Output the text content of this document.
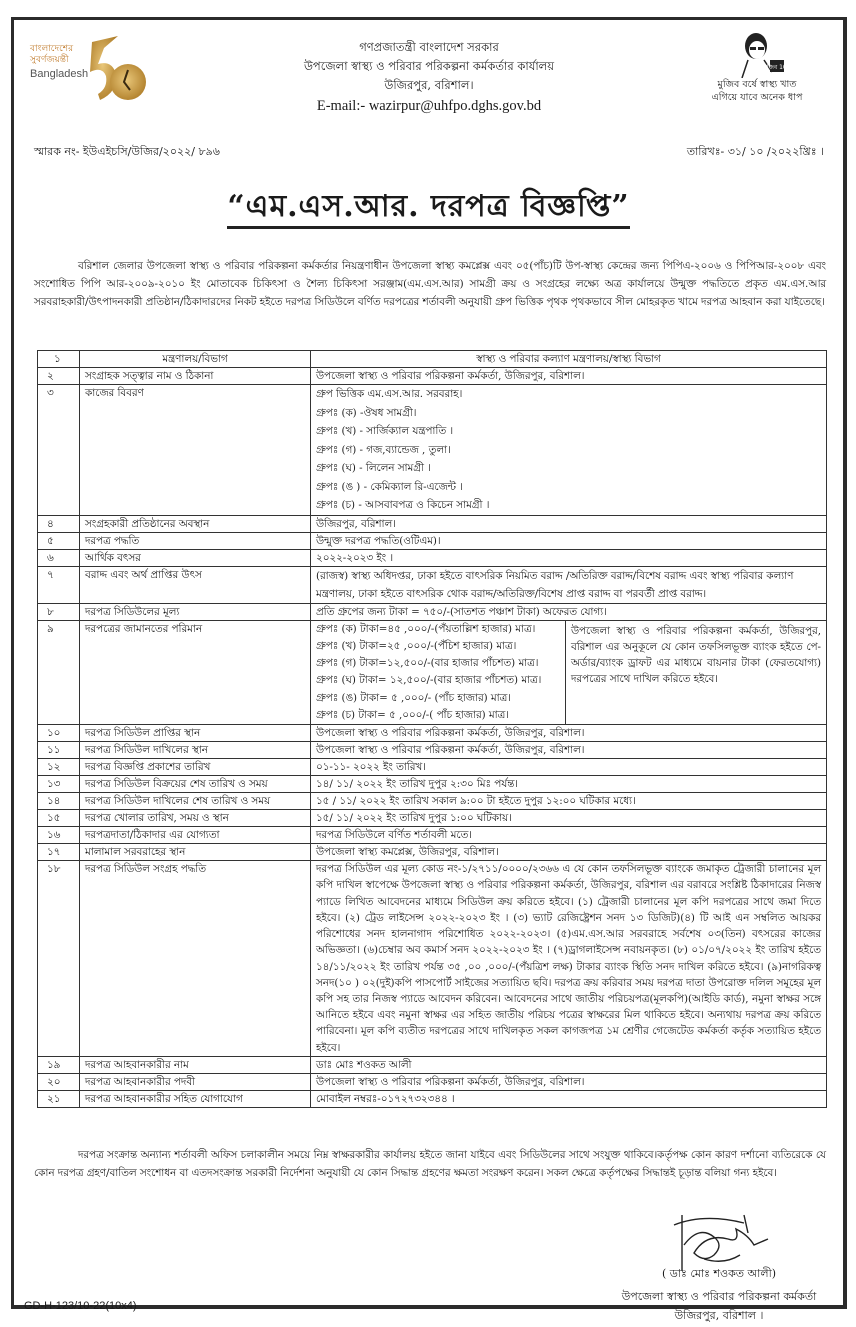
বাংলাদেশের
সুবর্ণজয়ন্তী
Bangladesh
গণপ্রজাতন্ত্রী বাংলাদেশ সরকার
উপজেলা স্বাস্থ্য ও পরিবার পরিকল্পনা কর্মকর্তার কার্যালয়
উজিরপুর, বরিশাল।
E-mail:- wazirpur@uhfpo.dghs.gov.bd
মুজিব 100
মুজিব বর্ষে স্বাস্থ্য খাত
এগিয়ে যাবে অনেক ধাপ
স্মারক নং- ইউএইচসি/উজির/২০২২/ ৮৯৬	তারিখঃ- ৩১/ ১০ /২০২২খ্রিঃ ।
“এম.এস.আর. দরপত্র বিজ্ঞপ্তি”

বরিশাল জেলার উপজেলা স্বাস্থ্য ও পরিবার পরিকল্পনা কর্মকর্তার নিয়ন্ত্রণাধীন উপজেলা স্বাস্থ্য কমপ্লেক্স এবং ০৫(পাঁচ)টি উপ-স্বাস্থ্য কেন্দ্রের জন্য পিপিএ-২০০৬ ও পিপিআর-২০০৮ এবং সংশোধিত পিপি আর-২০০৯-২০১০ ইং মোতাবেক চিকিৎসা ও শৈল্য চিকিৎসা সরঞ্জাম(এম.এস.আর) সামগ্রী ক্রয় ও সংগ্রহের লক্ষ্যে অত্র কার্যালয়ে উন্মুক্ত পদ্ধতিতে প্রকৃত এম.এস.আর সরবরাহকারী/উৎপাদনকারী প্রতিষ্ঠান/ঠিকাদারদের নিকট হইতে দরপত্র সিডিউলে বর্ণিত দরপত্রের শর্তাবলী অনুযায়ী গ্রুপ ভিত্তিক পৃথক পৃথকভাবে সীল মোহরকৃত খামে দরপত্র আহবান করা যাইতেছে।

১	মন্ত্রণালয়/বিভাগ	স্বাস্থ্য ও পরিবার কল্যাণ মন্ত্রণালয়/স্বাস্থ্য বিভাগ	
২	সংগ্রাহক সত্ত্বার নাম ও ঠিকানা	উপজেলা স্বাস্থ্য ও পরিবার পরিকল্পনা কর্মকর্তা, উজিরপুর, বরিশাল।	
৩	কাজের বিবরণ	গ্রুপ ভিত্তিক এম.এস.আর. সরবরাহ।
গ্রুপঃ (ক) -ঔষধ সামগ্রী।
গ্রুপঃ (খ) - সার্জিক্যাল যন্ত্রপাতি ।
গ্রুপঃ (গ) - গজ,ব্যান্ডেজ , তুলা।
গ্রুপঃ (ঘ) - লিলেন সামগ্রী ।
গ্রুপঃ (ঙ ) - কেমিক্যাল রি-এজেন্ট ।
গ্রুপঃ (চ) - আসবাবপত্র ও কিচেন সামগ্রী ।

৪	সংগ্রহকারী প্রতিষ্ঠানের অবস্থান	উজিরপুর, বরিশাল।	
৫	দরপত্র পদ্ধতি	উন্মুক্ত দরপত্র পদ্ধতি(ওটিএম)।	
৬	আর্থিক বৎসর	২০২২-২০২৩ ইং ।	
৭	বরাদ্দ এবং অর্থ প্রাপ্তির উৎস	(রাজস্ব) স্বাস্থ্য অধিদপ্তর, ঢাকা হইতে বাৎসরিক নিয়মিত বরাদ্দ /অতিরিক্ত বরাদ্দ/বিশেষ বরাদ্দ এবং স্বাস্থ্য পরিবার কল্যাণ মন্ত্রণালয়, ঢাকা হইতে বাৎসরিক থোক বরাদ্দ/অতিরিক্ত/বিশেষ প্রাপ্ত বরাদ্দ বা পরবর্তী প্রাপ্ত বরাদ্দ।	
৮	দরপত্র সিডিউলের মূল্য	প্রতি গ্রুপের জন্য টাকা = ৭৫০/-(সাতশত পঞ্চাশ টাকা) অফেরত যোগ্য।	
৯	দরপত্রের জামানতের পরিমান	গ্রুপঃ (ক) টাকা=৪৫ ,০০০/-(পঁয়তাল্লিশ হাজার) মাত্র।
গ্রুপঃ (খ) টাকা=২৫ ,০০০/-(পঁচিশ হাজার) মাত্র।
গ্রুপঃ (গ) টাকা=১২,৫০০/-(বার হাজার পাঁচশত) মাত্র।
গ্রুপঃ (ঘ) টাকা= ১২,৫০০/-(বার হাজার পাঁচশত) মাত্র।
গ্রুপঃ (ঙ) টাকা= ৫ ,০০০/- (পাঁচ হাজার) মাত্র।
গ্রুপঃ (চ) টাকা= ৫ ,০০০/-( পাঁচ হাজার) মাত্র।
	উপজেলা স্বাস্থ্য ও পরিবার পরিকল্পনা কর্মকর্তা, উজিরপুর, বরিশাল এর অনুকূলে যে কোন তফসিলভূক্ত ব্যাংক হইতে পে-অর্ডার/ব্যাংক ড্রাফট এর মাধ্যমে বায়নার টাকা (ফেরতযোগ্য) দরপত্রের সাথে দাখিল করিতে হইবে।
১০	দরপত্র সিডিউল প্রাপ্তির স্থান	উপজেলা স্বাস্থ্য ও পরিবার পরিকল্পনা কর্মকর্তা, উজিরপুর, বরিশাল।	
১১	দরপত্র সিডিউল দাখিলের স্থান	উপজেলা স্বাস্থ্য ও পরিবার পরিকল্পনা কর্মকর্তা, উজিরপুর, বরিশাল।	
১২	দরপত্র বিজ্ঞপ্তি প্রকাশের তারিখ	০১-১১- ২০২২ ইং তারিখ।	
১৩	দরপত্র সিডিউল বিক্রয়ের শেষ তারিখ ও সময়	১৪/ ১১/ ২০২২ ইং তারিখ দুপুর ২:৩০ মিঃ পর্যন্ত।	
১৪	দরপত্র সিডিউল দাখিলের শেষ তারিখ ও সময়	১৫ / ১১/ ২০২২ ইং তারিখ সকাল ৯:০০ টা হইতে দুপুর ১২:০০ ঘটিকার মধ্যে।	
১৫	দরপত্র খোলার তারিখ, সময় ও স্থান	১৫/ ১১/ ২০২২ ইং তারিখ দুপুর ১:০০ ঘটিকায়।	
১৬	দরপত্রদাতা/ঠিকাদার এর যোগ্যতা	দরপত্র সিডিউলে বর্ণিত শর্তাবলী মতে।	
১৭	মালামাল সরবরাহের স্থান	উপজেলা স্বাস্থ্য কমপ্লেক্স, উজিরপুর, বরিশাল।	
১৮	দরপত্র সিডিউল সংগ্রহ পদ্ধতি	দরপত্র সিডিউল এর মূল্য কোড নং-১/২৭১১/০০০০/২৩৬৬ এ যে কোন তফসিলভূক্ত ব্যাংকে জমাকৃত ট্রেজারী চালানের মূল কপি দাখিল স্বাপেক্ষে উপজেলা স্বাস্থ্য ও পরিবার পরিকল্পনা কর্মকর্তা, উজিরপুর, বরিশাল এর বরাবরে সংশ্লিষ্ট ঠিকাদারের নিজস্ব প্যাডে লিখিত আবেদনের মাধ্যমে সিডিউল ক্রয় করিতে হইবে। (১) ট্রেজারী চালানের মূল কপি দরপত্রের সাথে জমা দিতে হইবে। (২) ট্রেড লাইসেন্স ২০২২-২০২৩ ইং । (৩) ভ্যাট রেজিষ্ট্রেশন সনদ ১৩ ডিজিট)(৪) টি আই এন সম্বলিত আয়কর পরিশোধের সনদ হালনাগাদ পরিশোধিত ২০২২-২০২৩। (৫)এম.এস.আর সরবরাহে সর্বশেষ ০৩(তিন) বৎসরের কাজের অভিজ্ঞতা। (৬)চেম্বার অব কমার্স সনদ ২০২২-২০২৩ ইং । (৭)ড্রাগলাইসেন্স নবায়নকৃত। (৮) ০১/০৭/২০২২ ইং তারিখ হইতে ১৪/১১/২০২২ ইং তারিখ পর্যন্ত ৩৫ ,০০ ,০০০/-(পঁয়ত্রিশ লক্ষ) টাকার ব্যাংক স্থিতি সনদ দাখিল করিতে হইবে। (৯)নাগরিকত্ব সনদ(১০ ) ০২(দুই)কপি পাসপোর্ট সাইজের সত্যায়িত ছবি। দরপত্র ক্রয় করিবার সময় দরপত্র দাতা উপরোক্ত দলিল সমূহের মূল কপি সহ তার নিজস্ব প্যাডে আবেদন করিবেন। আবেদনের সাথে জাতীয় পরিচয়পত্র(মূলকপি)(আইডি কার্ড), নমুনা স্বাক্ষর সঙ্গে আনিতে হইবে এবং নমুনা স্বাক্ষর এর সহিত জাতীয় পরিচয় পত্রের স্বাক্ষরের মিল থাকিতে হইবে। অন্যথায় দরপত্র ক্রয় করিতে পারিবেনা। মূল কপি ব্যতীত দরপত্রের সাথে দাখিলকৃত সকল কাগজপত্র ১ম শ্রেণীর গেজেটেড কর্মকর্তা কর্তৃক সত্যায়িত হইতে হইবে।	
১৯	দরপত্র আহবানকারীর নাম	ডাঃ মোঃ শওকত আলী	
২০	দরপত্র আহবানকারীর পদবী	উপজেলা স্বাস্থ্য ও পরিবার পরিকল্পনা কর্মকর্তা, উজিরপুর, বরিশাল।	
২১	দরপত্র আহবানকারীর সহিত যোগাযোগ	মোবাইল নম্বরঃ-০১৭২৭৩২৩৪৪ ।	

দরপত্র সংক্রান্ত অন্যান্য শর্তাবলী অফিস চলাকালীন সময়ে নিম্ন স্বাক্ষরকারীর কার্যালয় হইতে জানা যাইবে এবং সিডিউলের সাথে সংযুক্ত থাকিবে।কর্তৃপক্ষ কোন কারণ দর্শানো ব্যতিরেকে যে কোন দরপত্র গ্রহণ/বাতিল সংশোধন বা এতদসংক্রান্ত সরকারী নির্দেশনা অনুযায়ী যে কোন সিদ্ধান্ত গ্রহণের ক্ষমতা সংরক্ষণ করেন। সকল ক্ষেত্রে কর্তৃপক্ষের সিদ্ধান্তই চূড়ান্ত বলিয়া গন্য হইবে।

( ডাঃ মোঃ শওকত আলী)
উপজেলা স্বাস্থ্য ও পরিবার পরিকল্পনা কর্মকর্তা
উজিরপুর, বরিশাল ।
GD-H-123/10-22(10x4)
